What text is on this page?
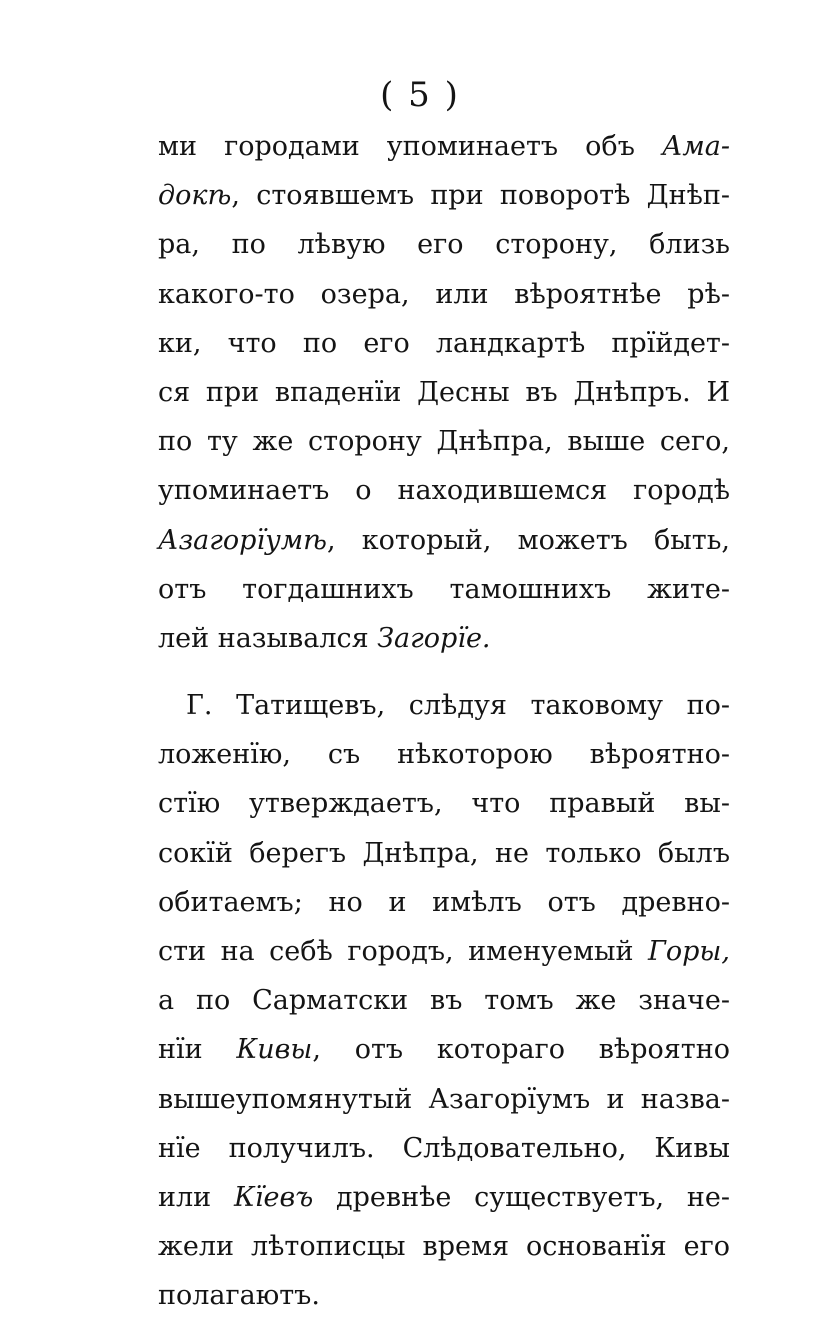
( 5 )
ми городами упоминаетъ объ Ама-
докѣ, стоявшемъ при поворотѣ Днѣп-
ра, по лѣвую его сторону, близь
какого-то озера, или вѣроятнѣе рѣ-
ки, что по его ландкартѣ прїйдет-
ся при впаденїи Десны въ Днѣпръ. И
по ту же сторону Днѣпра, выше сего,
упоминаетъ о находившемся городѣ
Азагорїумѣ, который, можетъ быть,
отъ тогдашнихъ тамошнихъ жите-
лей назывался Загорїе.
Г. Татищевъ, слѣдуя таковому по-
ложенїю, съ нѣкоторою вѣроятно-
стїю утверждаетъ, что правый вы-
сокїй берегъ Днѣпра, не только былъ
обитаемъ; но и имѣлъ отъ древно-
сти на себѣ городъ, именуемый Горы,
а по Сарматски въ томъ же значе-
нїи Кивы, отъ котораго вѣроятно
вышеупомянутый Азагорїумъ и назва-
нїе получилъ. Слѣдовательно, Кивы
или Кїевъ древнѣе существуетъ, не-
жели лѣтописцы время основанїя его
полагаютъ.
